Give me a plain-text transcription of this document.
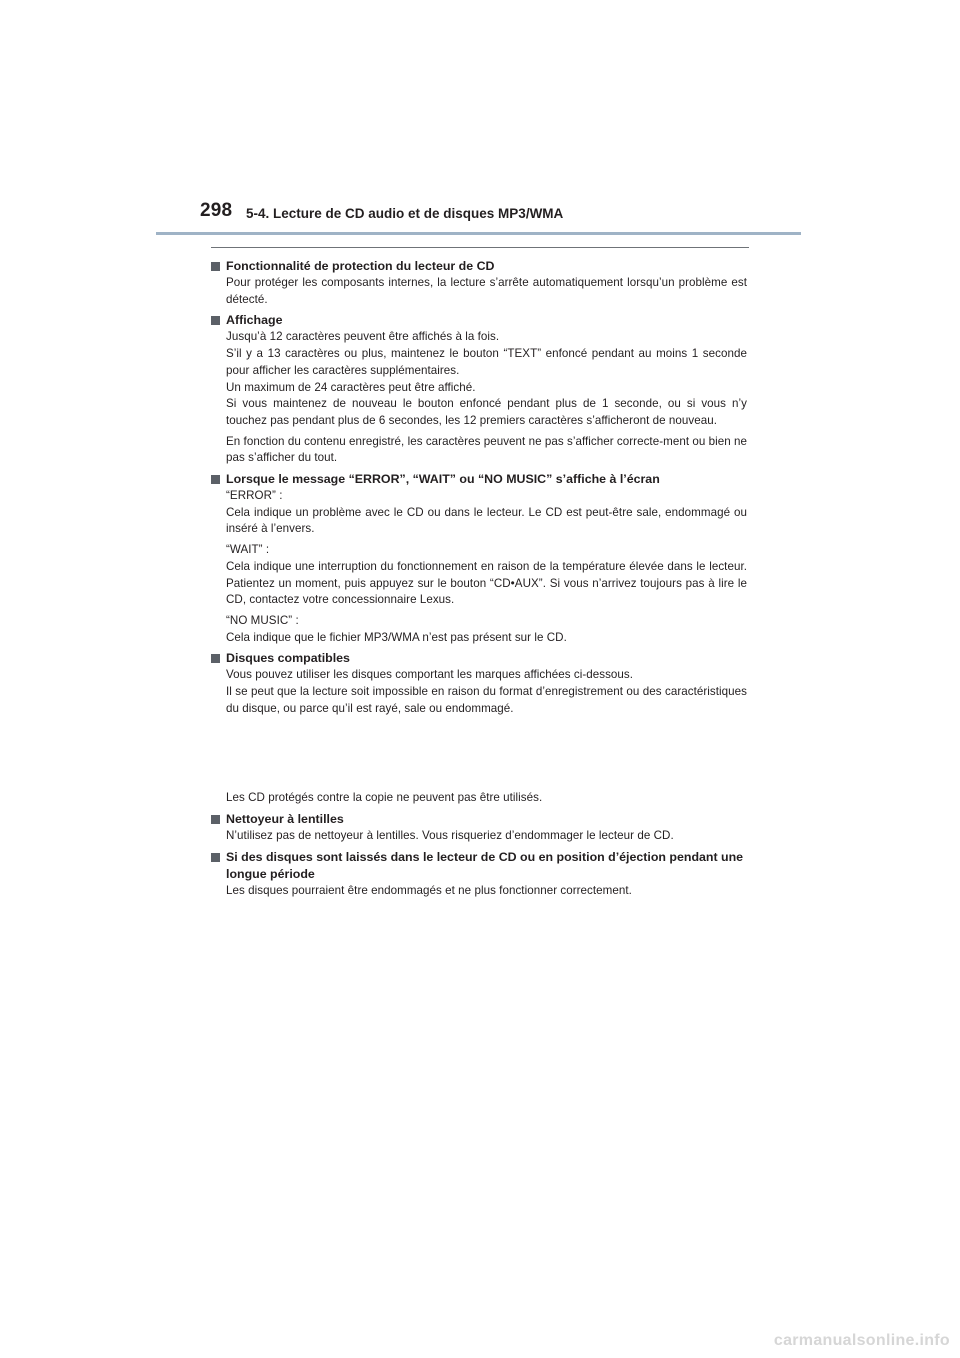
298 5-4. Lecture de CD audio et de disques MP3/WMA
Fonctionnalité de protection du lecteur de CD

Pour protéger les composants internes, la lecture s’arrête automatiquement lorsqu’un problème est détecté.

Affichage

Jusqu’à 12 caractères peuvent être affichés à la fois.

S’il y a 13 caractères ou plus, maintenez le bouton “TEXT” enfoncé pendant au moins 1 seconde pour afficher les caractères supplémentaires.

Un maximum de 24 caractères peut être affiché.

Si vous maintenez de nouveau le bouton enfoncé pendant plus de 1 seconde, ou si vous n’y touchez pas pendant plus de 6 secondes, les 12 premiers caractères s’afficheront de nouveau.

En fonction du contenu enregistré, les caractères peuvent ne pas s’afficher correcte-ment ou bien ne pas s’afficher du tout.

Lorsque le message “ERROR”, “WAIT” ou “NO MUSIC” s’affiche à l’écran

“ERROR” :

Cela indique un problème avec le CD ou dans le lecteur. Le CD est peut-être sale, endommagé ou inséré à l’envers.

“WAIT” :

Cela indique une interruption du fonctionnement en raison de la température élevée dans le lecteur. Patientez un moment, puis appuyez sur le bouton “CD•AUX”. Si vous n’arrivez toujours pas à lire le CD, contactez votre concessionnaire Lexus.

“NO MUSIC” :

Cela indique que le fichier MP3/WMA n’est pas présent sur le CD.

Disques compatibles

Vous pouvez utiliser les disques comportant les marques affichées ci-dessous.

Il se peut que la lecture soit impossible en raison du format d’enregistrement ou des caractéristiques du disque, ou parce qu’il est rayé, sale ou endommagé.

Les CD protégés contre la copie ne peuvent pas être utilisés.

Nettoyeur à lentilles

N’utilisez pas de nettoyeur à lentilles. Vous risqueriez d’endommager le lecteur de CD.

Si des disques sont laissés dans le lecteur de CD ou en position d’éjection pendant une longue période

Les disques pourraient être endommagés et ne plus fonctionner correctement.

carmanualsonline.info
